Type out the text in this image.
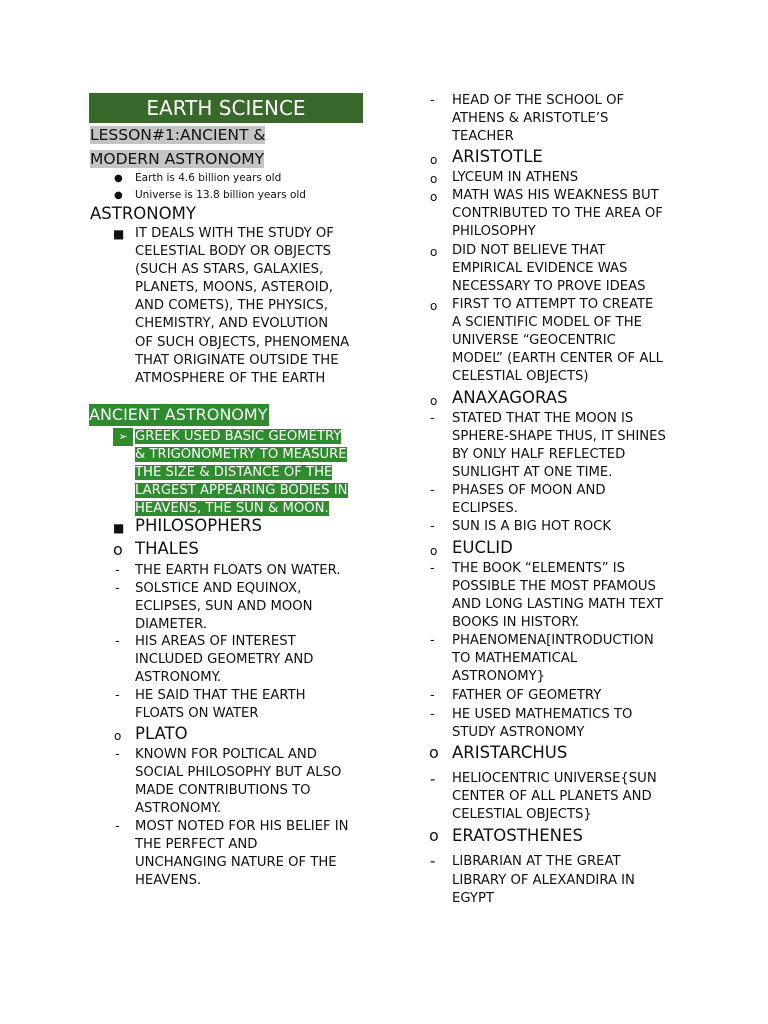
EARTH SCIENCE
LESSON#1:ANCIENT &
MODERN ASTRONOMY
● Earth is 4.6 billion years old
● Universe is 13.8 billion years old
ASTRONOMY
■ IT DEALS WITH THE STUDY OF
CELESTIAL BODY OR OBJECTS
(SUCH AS STARS, GALAXIES,
PLANETS, MOONS, ASTEROID,
AND COMETS), THE PHYSICS,
CHEMISTRY, AND EVOLUTION
OF SUCH OBJECTS, PHENOMENA
THAT ORIGINATE OUTSIDE THE
ATMOSPHERE OF THE EARTH
ANCIENT ASTRONOMY
➢ GREEK USED BASIC GEOMETRY
& TRIGONOMETRY TO MEASURE
THE SIZE & DISTANCE OF THE
LARGEST APPEARING BODIES IN
HEAVENS, THE SUN & MOON.
■ PHILOSOPHERS
o THALES
- THE EARTH FLOATS ON WATER.
- SOLSTICE AND EQUINOX,
ECLIPSES, SUN AND MOON
DIAMETER.
- HIS AREAS OF INTEREST
INCLUDED GEOMETRY AND
ASTRONOMY.
- HE SAID THAT THE EARTH
FLOATS ON WATER
o PLATO
- KNOWN FOR POLTICAL AND
SOCIAL PHILOSOPHY BUT ALSO
MADE CONTRIBUTIONS TO
ASTRONOMY.
- MOST NOTED FOR HIS BELIEF IN
THE PERFECT AND
UNCHANGING NATURE OF THE
HEAVENS.
- HEAD OF THE SCHOOL OF
ATHENS & ARISTOTLE’S
TEACHER
o ARISTOTLE
o LYCEUM IN ATHENS
o MATH WAS HIS WEAKNESS BUT
CONTRIBUTED TO THE AREA OF
PHILOSOPHY
o DID NOT BELIEVE THAT
EMPIRICAL EVIDENCE WAS
NECESSARY TO PROVE IDEAS
o FIRST TO ATTEMPT TO CREATE
A SCIENTIFIC MODEL OF THE
UNIVERSE “GEOCENTRIC
MODEL” (EARTH CENTER OF ALL
CELESTIAL OBJECTS)
o ANAXAGORAS
- STATED THAT THE MOON IS
SPHERE-SHAPE THUS, IT SHINES
BY ONLY HALF REFLECTED
SUNLIGHT AT ONE TIME.
- PHASES OF MOON AND
ECLIPSES.
- SUN IS A BIG HOT ROCK
o EUCLID
- THE BOOK “ELEMENTS” IS
POSSIBLE THE MOST PFAMOUS
AND LONG LASTING MATH TEXT
BOOKS IN HISTORY.
- PHAENOMENA[INTRODUCTION
TO MATHEMATICAL
ASTRONOMY}
- FATHER OF GEOMETRY
- HE USED MATHEMATICS TO
STUDY ASTRONOMY
o ARISTARCHUS
- HELIOCENTRIC UNIVERSE{SUN
CENTER OF ALL PLANETS AND
CELESTIAL OBJECTS}
o ERATOSTHENES
- LIBRARIAN AT THE GREAT
LIBRARY OF ALEXANDIRA IN
EGYPT
